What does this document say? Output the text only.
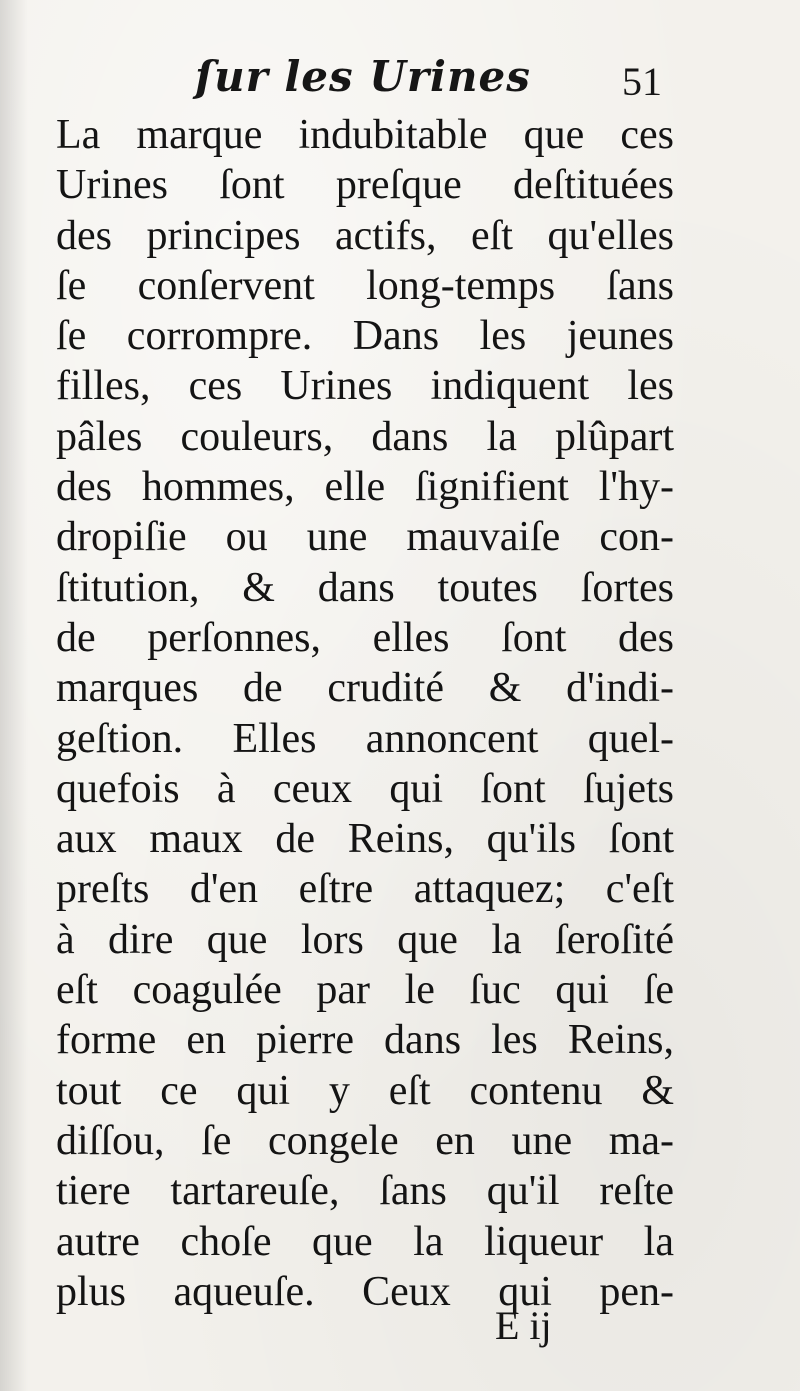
ſur les Urines 51
La marque indubitable que ces
Urines ſont preſque deſtituées
des principes actifs, eſt qu'elles
ſe conſervent long-temps ſans
ſe corrompre. Dans les jeunes
filles, ces Urines indiquent les
pâles couleurs, dans la plûpart
des hommes, elle ſignifient l'hy-
dropiſie ou une mauvaiſe con-
ſtitution, & dans toutes ſortes
de perſonnes, elles ſont des
marques de crudité & d'indi-
geſtion. Elles annoncent quel-
quefois à ceux qui ſont ſujets
aux maux de Reins, qu'ils ſont
preſts d'en eſtre attaquez; c'eſt
à dire que lors que la ſeroſité
eſt coagulée par le ſuc qui ſe
forme en pierre dans les Reins,
tout ce qui y eſt contenu &
diſſou, ſe congele en une ma-
tiere tartareuſe, ſans qu'il reſte
autre choſe que la liqueur la
plus aqueuſe. Ceux qui pen-
E ij
